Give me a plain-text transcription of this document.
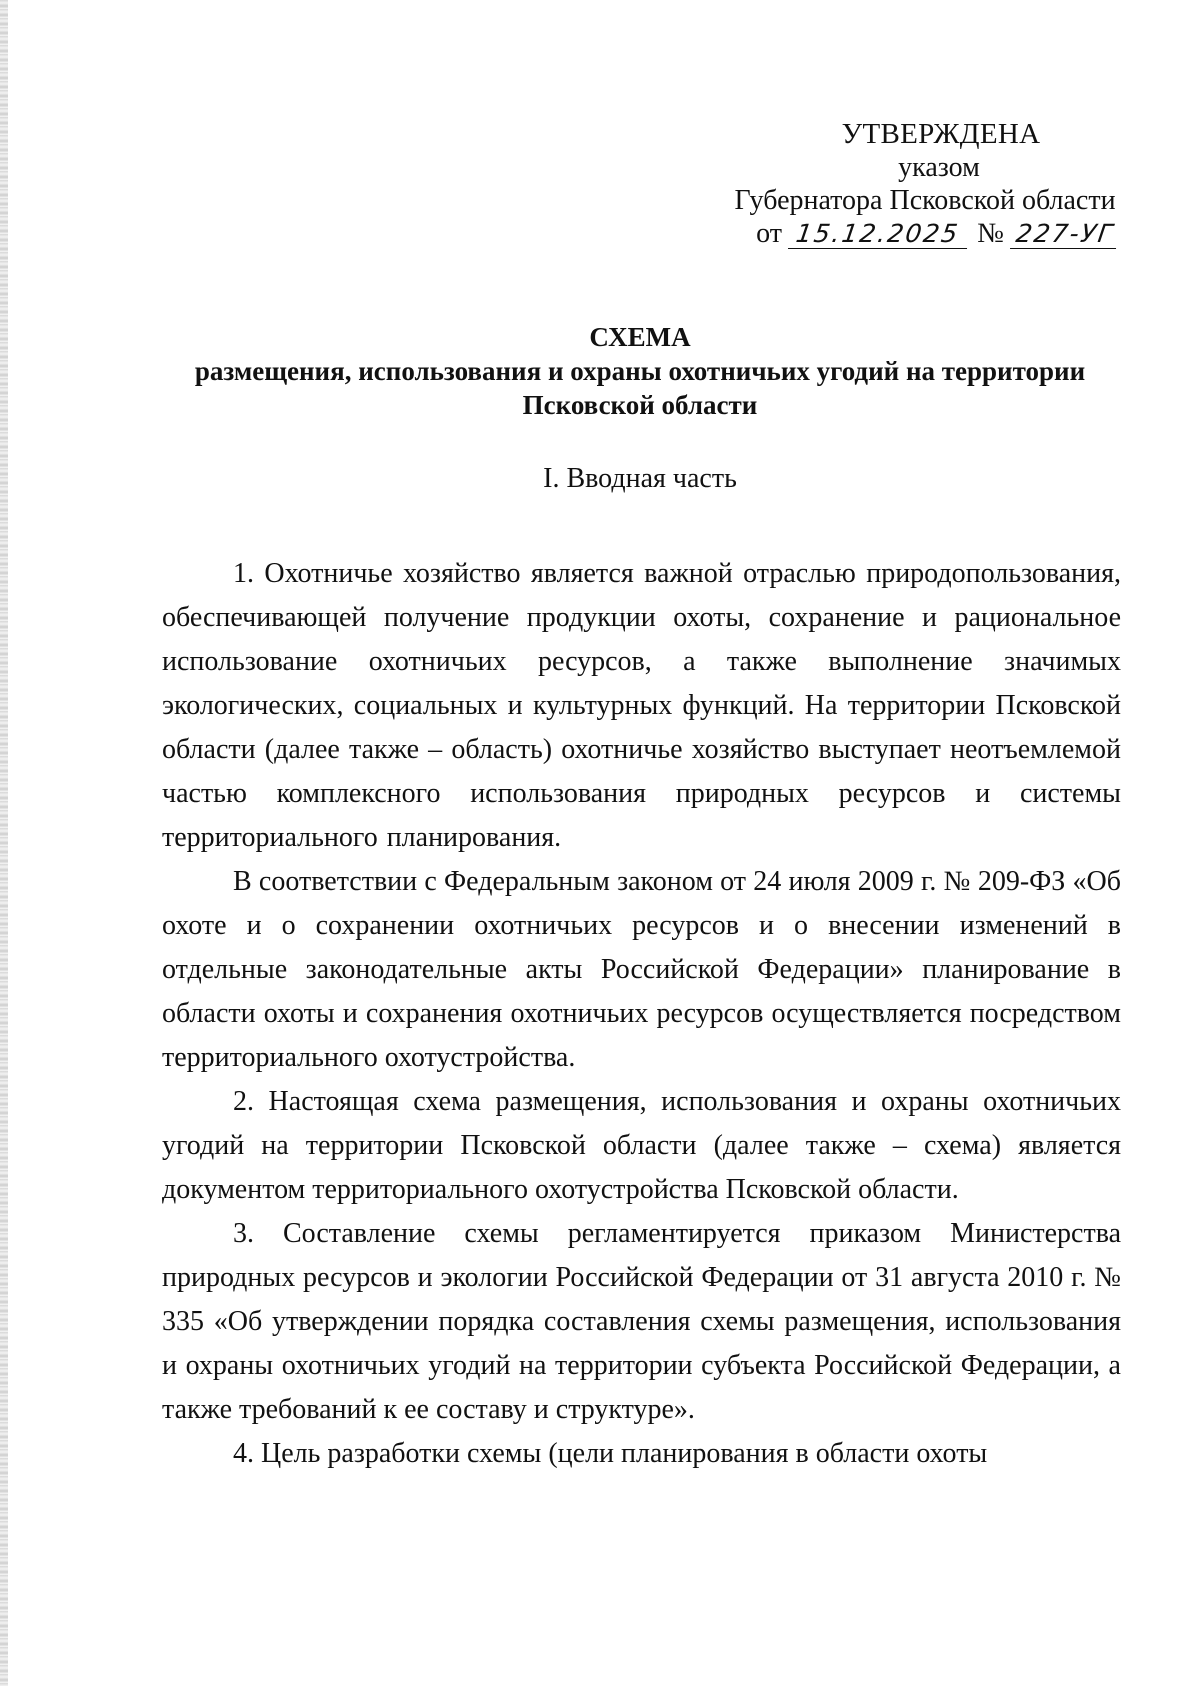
УТВЕРЖДЕНА
указом
Губернатора Псковской области
от 15.12.2025 № 227-УГ
СХЕМА
размещения, использования и охраны охотничьих угодий на территории
Псковской области
I. Вводная часть

1. Охотничье хозяйство является важной отраслью природопользования, обеспечивающей получение продукции охоты, сохранение и рациональное использование охотничьих ресурсов, а также выполнение значимых экологических, социальных и культурных функций. На территории Псковской области (далее также – область) охотничье хозяйство выступает неотъемлемой частью комплексного использования природных ресурсов и системы территориального планирования.

В соответствии с Федеральным законом от 24 июля 2009 г. № 209-ФЗ «Об охоте и о сохранении охотничьих ресурсов и о внесении изменений в отдельные законодательные акты Российской Федерации» планирование в области охоты и сохранения охотничьих ресурсов осуществляется посредством территориального охотустройства.

2. Настоящая схема размещения, использования и охраны охотничьих угодий на территории Псковской области (далее также – схема) является документом территориального охотустройства Псковской области.

3. Составление схемы регламентируется приказом Министерства природных ресурсов и экологии Российской Федерации от 31 августа 2010 г. № 335 «Об утверждении порядка составления схемы размещения, использования и охраны охотничьих угодий на территории субъекта Российской Федерации, а также требований к ее составу и структуре».

4. Цель разработки схемы (цели планирования в области охоты
